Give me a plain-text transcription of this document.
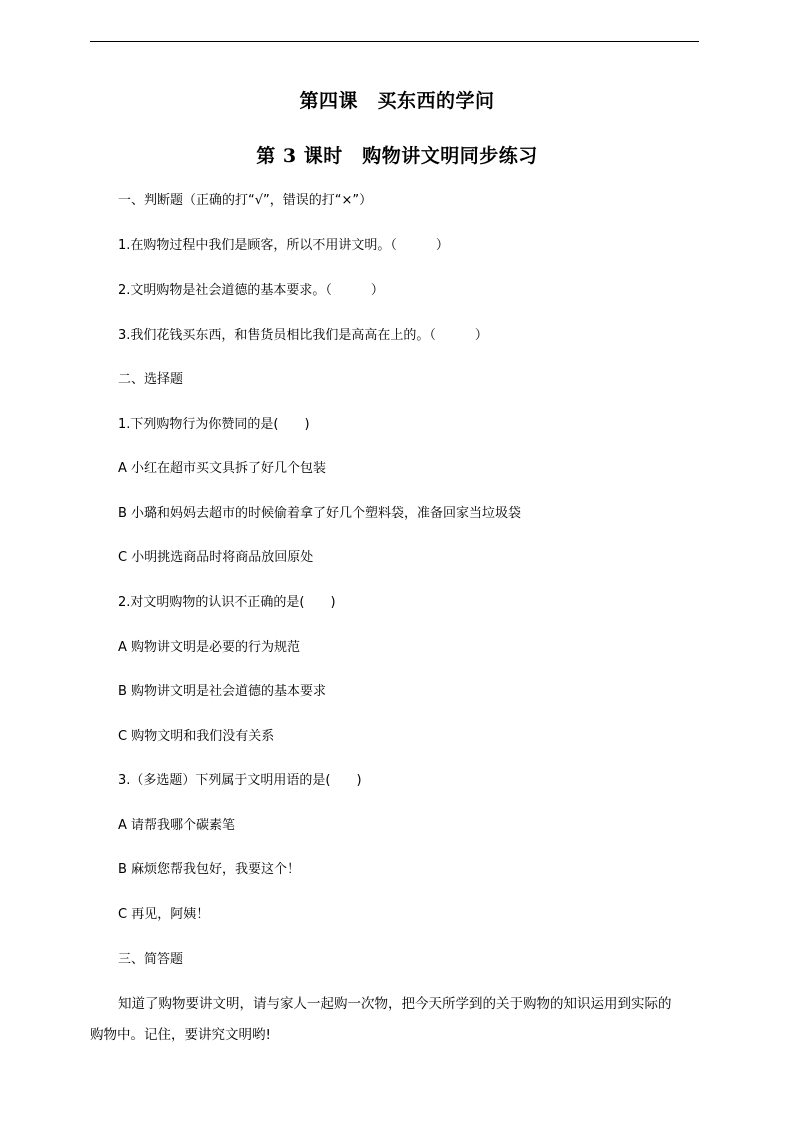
第四课　买东西的学问
第 3 课时　购物讲文明同步练习
一、判断题（正确的打“√”，错误的打“×”）
1.在购物过程中我们是顾客，所以不用讲文明。（　　　）
2.文明购物是社会道德的基本要求。（　　　）
3.我们花钱买东西，和售货员相比我们是高高在上的。（　　　）
二、选择题
1.下列购物行为你赞同的是(　　)
A 小红在超市买文具拆了好几个包装
B 小璐和妈妈去超市的时候偷着拿了好几个塑料袋，准备回家当垃圾袋
C 小明挑选商品时将商品放回原处
2.对文明购物的认识不正确的是(　　)
A 购物讲文明是必要的行为规范
B 购物讲文明是社会道德的基本要求
C 购物文明和我们没有关系
3.（多选题）下列属于文明用语的是(　　)
A 请帮我哪个碳素笔
B 麻烦您帮我包好，我要这个！
C 再见，阿姨！
三、简答题
知道了购物要讲文明，请与家人一起购一次物，把今天所学到的关于购物的知识运用到实际的
购物中。记住，要讲究文明哟!
